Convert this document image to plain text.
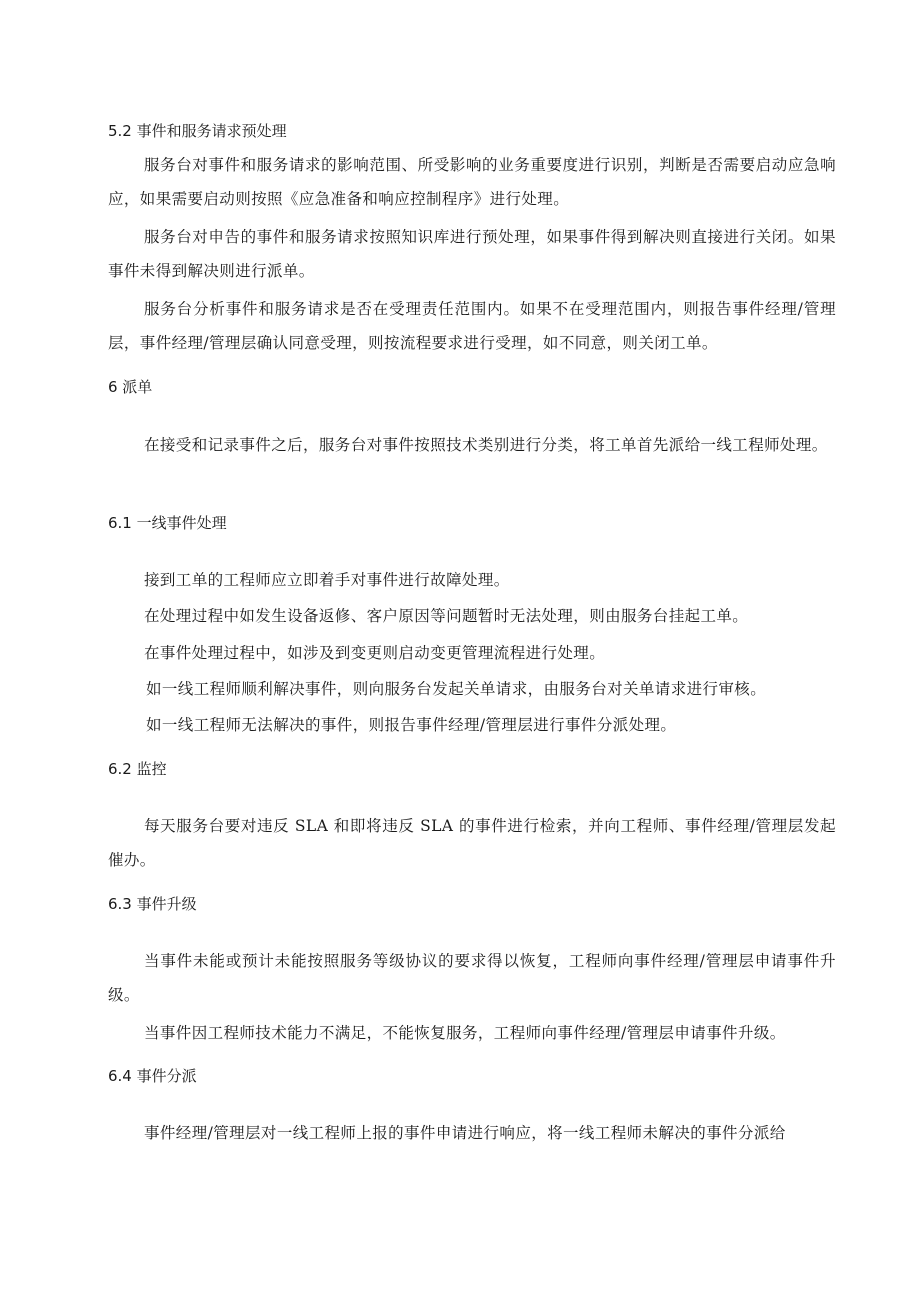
5.2 事件和服务请求预处理
服务台对事件和服务请求的影响范围、所受影响的业务重要度进行识别，判断是否需要启动应急响应，如果需要启动则按照《应急准备和响应控制程序》进行处理。
服务台对申告的事件和服务请求按照知识库进行预处理，如果事件得到解决则直接进行关闭。如果事件未得到解决则进行派单。
服务台分析事件和服务请求是否在受理责任范围内。如果不在受理范围内，则报告事件经理/管理层，事件经理/管理层确认同意受理，则按流程要求进行受理，如不同意，则关闭工单。
6 派单
在接受和记录事件之后，服务台对事件按照技术类别进行分类，将工单首先派给一线工程师处理。
6.1 一线事件处理
接到工单的工程师应立即着手对事件进行故障处理。
在处理过程中如发生设备返修、客户原因等问题暂时无法处理，则由服务台挂起工单。
在事件处理过程中，如涉及到变更则启动变更管理流程进行处理。
如一线工程师顺利解决事件，则向服务台发起关单请求，由服务台对关单请求进行审核。
如一线工程师无法解决的事件，则报告事件经理/管理层进行事件分派处理。
6.2 监控
每天服务台要对违反 SLA 和即将违反 SLA 的事件进行检索，并向工程师、事件经理/管理层发起催办。
6.3 事件升级
当事件未能或预计未能按照服务等级协议的要求得以恢复，工程师向事件经理/管理层申请事件升级。
当事件因工程师技术能力不满足，不能恢复服务，工程师向事件经理/管理层申请事件升级。
6.4 事件分派
事件经理/管理层对一线工程师上报的事件申请进行响应，将一线工程师未解决的事件分派给
